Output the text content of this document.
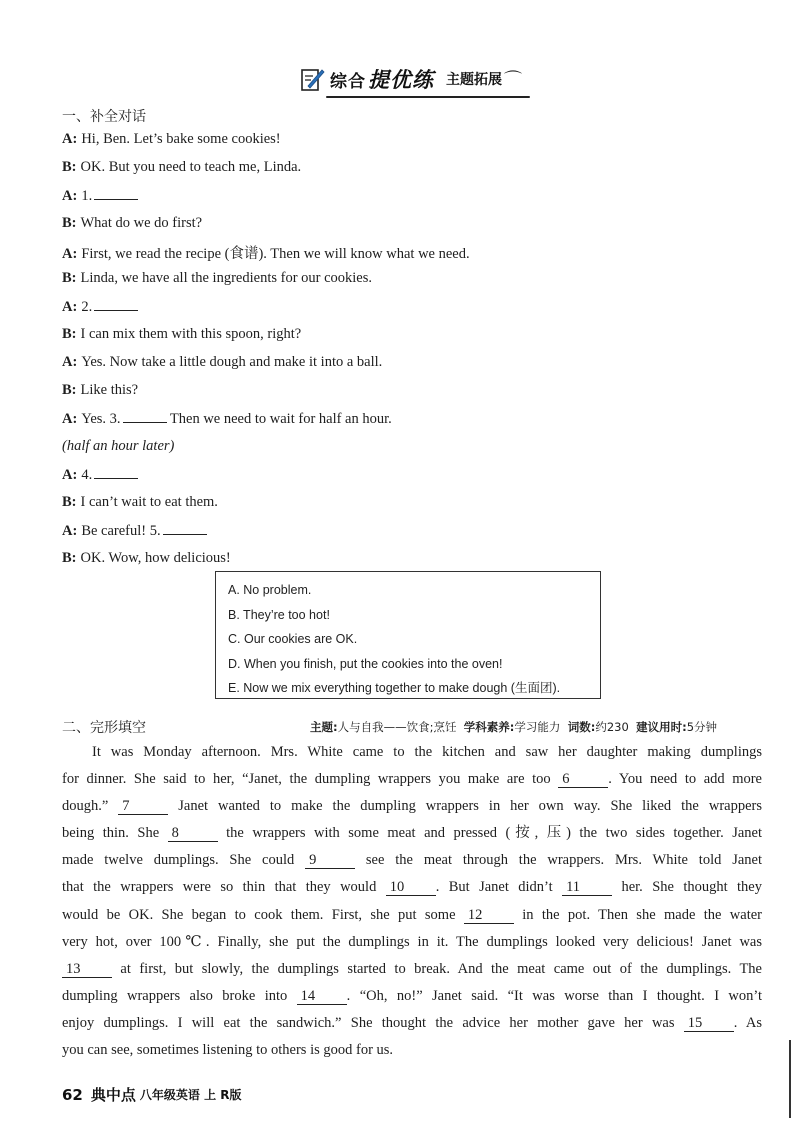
综合 提优练 主题拓展 ⌒
一、补全对话
A: Hi, Ben. Let’s bake some cookies!
B: OK. But you need to teach me, Linda.
A: 1.
B: What do we do first?
A: First, we read the recipe (食谱). Then we will know what we need.
B: Linda, we have all the ingredients for our cookies.
A: 2.
B: I can mix them with this spoon, right?
A: Yes. Now take a little dough and make it into a ball.
B: Like this?
A: Yes. 3.	Then we need to wait for half an hour.
(half an hour later)
A: 4.
B: I can’t wait to eat them.
A: Be careful! 5.
B: OK. Wow, how delicious!
A. No problem.
B. They’re too hot!
C. Our cookies are OK.
D. When you finish, put the cookies into the oven!
E. Now we mix everything together to make dough (生面团).
二、完形填空	主题:人与自我——饮食;烹饪 学科素养:学习能力 词数:约230 建议用时:5分钟
It was Monday afternoon. Mrs. White came to the kitchen and saw her daughter making dumplings
for dinner. She said to her, “Janet, the dumpling wrappers you make are too 6	. You need to add more
dough.” 7	Janet wanted to make the dumpling wrappers in her own way. She liked the wrappers
being thin. She 8	the wrappers with some meat and pressed (按, 压) the two sides together. Janet
made twelve dumplings. She could 9	see the meat through the wrappers. Mrs. White told Janet
that the wrappers were so thin that they would 10 . But Janet didn’t 11 her. She thought they
would be OK. She began to cook them. First, she put some 12 in the pot. Then she made the water
very hot, over 100℃. Finally, she put the dumplings in it. The dumplings looked very delicious! Janet was
13 at first, but slowly, the dumplings started to break. And the meat came out of the dumplings. The
dumpling wrappers also broke into 14 . “Oh, no!” Janet said. “It was worse than I thought. I won’t
enjoy dumplings. I will eat the sandwich.” She thought the advice her mother gave her was 15 . As
you can see, sometimes listening to others is good for us.
62 典中点 八年级英语 上 R版
